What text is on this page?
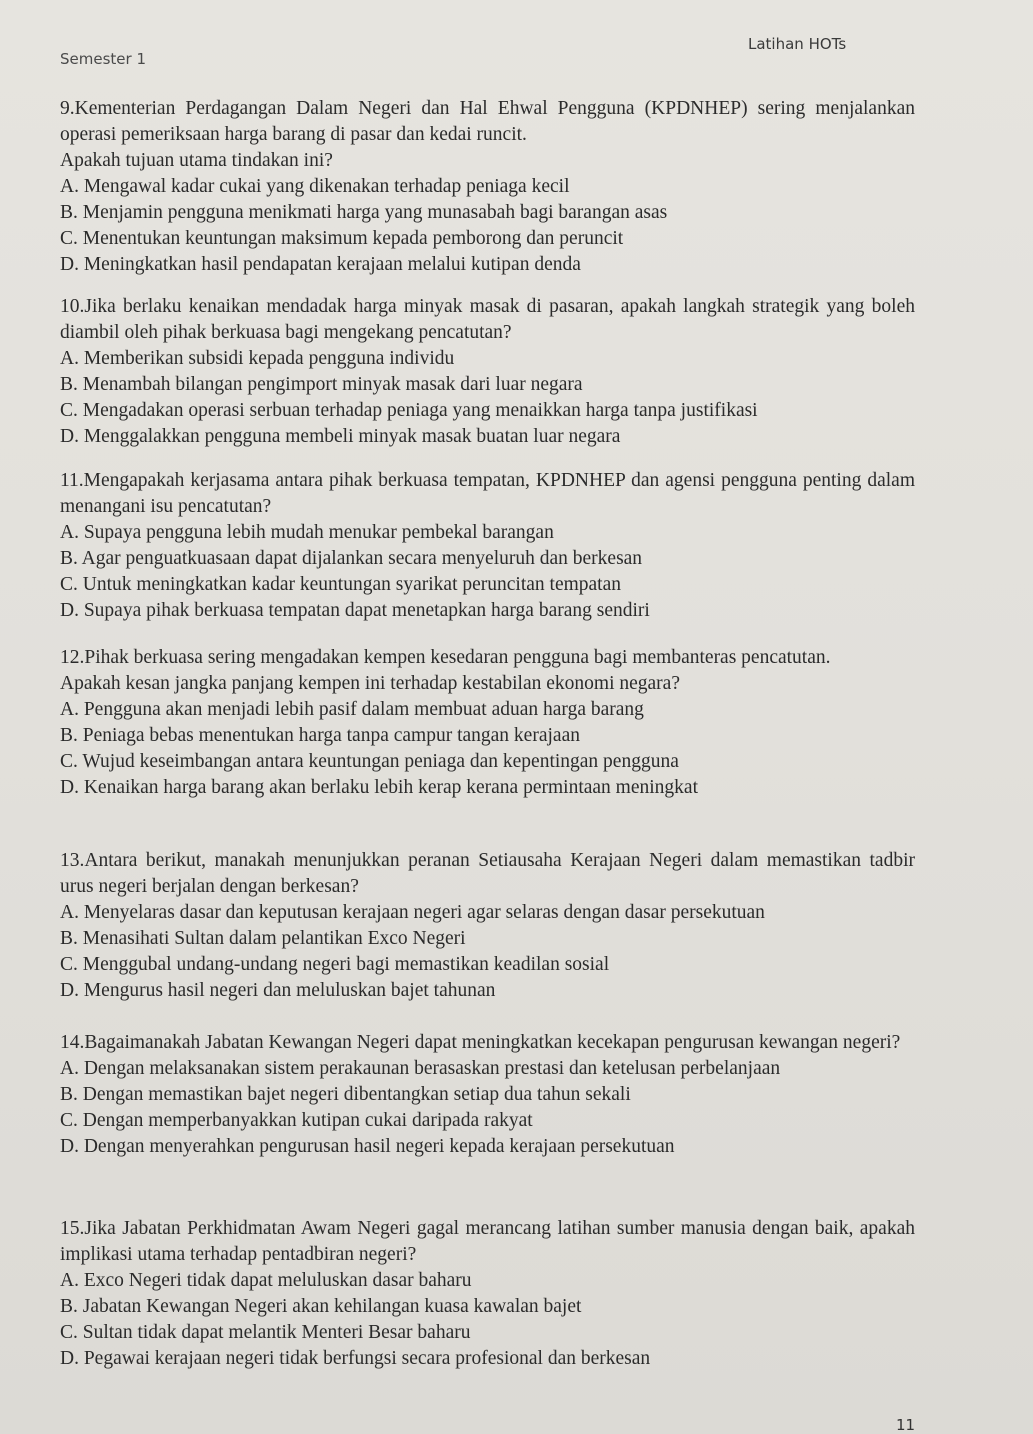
Semester 1
Latihan HOTs
9.Kementerian Perdagangan Dalam Negeri dan Hal Ehwal Pengguna (KPDNHEP) sering menjalankan operasi pemeriksaan harga barang di pasar dan kedai runcit.
Apakah tujuan utama tindakan ini?
A. Mengawal kadar cukai yang dikenakan terhadap peniaga kecil
B. Menjamin pengguna menikmati harga yang munasabah bagi barangan asas
C. Menentukan keuntungan maksimum kepada pemborong dan peruncit
D. Meningkatkan hasil pendapatan kerajaan melalui kutipan denda
10.Jika berlaku kenaikan mendadak harga minyak masak di pasaran, apakah langkah strategik yang boleh diambil oleh pihak berkuasa bagi mengekang pencatutan?
A. Memberikan subsidi kepada pengguna individu
B. Menambah bilangan pengimport minyak masak dari luar negara
C. Mengadakan operasi serbuan terhadap peniaga yang menaikkan harga tanpa justifikasi
D. Menggalakkan pengguna membeli minyak masak buatan luar negara
11.Mengapakah kerjasama antara pihak berkuasa tempatan, KPDNHEP dan agensi pengguna penting dalam menangani isu pencatutan?
A. Supaya pengguna lebih mudah menukar pembekal barangan
B. Agar penguatkuasaan dapat dijalankan secara menyeluruh dan berkesan
C. Untuk meningkatkan kadar keuntungan syarikat peruncitan tempatan
D. Supaya pihak berkuasa tempatan dapat menetapkan harga barang sendiri
12.Pihak berkuasa sering mengadakan kempen kesedaran pengguna bagi membanteras pencatutan.
Apakah kesan jangka panjang kempen ini terhadap kestabilan ekonomi negara?
A. Pengguna akan menjadi lebih pasif dalam membuat aduan harga barang
B. Peniaga bebas menentukan harga tanpa campur tangan kerajaan
C. Wujud keseimbangan antara keuntungan peniaga dan kepentingan pengguna
D. Kenaikan harga barang akan berlaku lebih kerap kerana permintaan meningkat
13.Antara berikut, manakah menunjukkan peranan Setiausaha Kerajaan Negeri dalam memastikan tadbir urus negeri berjalan dengan berkesan?
A. Menyelaras dasar dan keputusan kerajaan negeri agar selaras dengan dasar persekutuan
B. Menasihati Sultan dalam pelantikan Exco Negeri
C. Menggubal undang-undang negeri bagi memastikan keadilan sosial
D. Mengurus hasil negeri dan meluluskan bajet tahunan
14.Bagaimanakah Jabatan Kewangan Negeri dapat meningkatkan kecekapan pengurusan kewangan negeri?
A. Dengan melaksanakan sistem perakaunan berasaskan prestasi dan ketelusan perbelanjaan
B. Dengan memastikan bajet negeri dibentangkan setiap dua tahun sekali
C. Dengan memperbanyakkan kutipan cukai daripada rakyat
D. Dengan menyerahkan pengurusan hasil negeri kepada kerajaan persekutuan
15.Jika Jabatan Perkhidmatan Awam Negeri gagal merancang latihan sumber manusia dengan baik, apakah implikasi utama terhadap pentadbiran negeri?
A. Exco Negeri tidak dapat meluluskan dasar baharu
B. Jabatan Kewangan Negeri akan kehilangan kuasa kawalan bajet
C. Sultan tidak dapat melantik Menteri Besar baharu
D. Pegawai kerajaan negeri tidak berfungsi secara profesional dan berkesan
11
